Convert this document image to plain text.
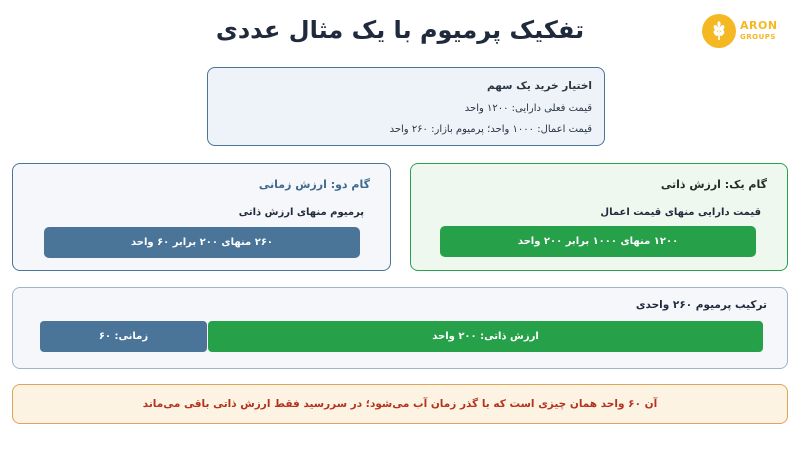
تفکیک پرمیوم با یک مثال عددی	ARON
GROUPS
اختیار خرید یک سهم
قیمت فعلی دارایی: ۱۲۰۰ واحد
قیمت اعمال: ۱۰۰۰ واحد؛ پرمیوم بازار: ۲۶۰ واحد
گام یک: ارزش ذاتی
قیمت دارایی منهای قیمت اعمال
۱۲۰۰ منهای ۱۰۰۰ برابر ۲۰۰ واحد
گام دو: ارزش زمانی
پرمیوم منهای ارزش ذاتی
۲۶۰ منهای ۲۰۰ برابر ۶۰ واحد
ترکیب پرمیوم ۲۶۰ واحدی
ارزش ذاتی: ۲۰۰ واحد
زمانی: ۶۰
آن ۶۰ واحد همان چیزی است که با گذر زمان آب می‌شود؛ در سررسید فقط ارزش ذاتی باقی می‌ماند
